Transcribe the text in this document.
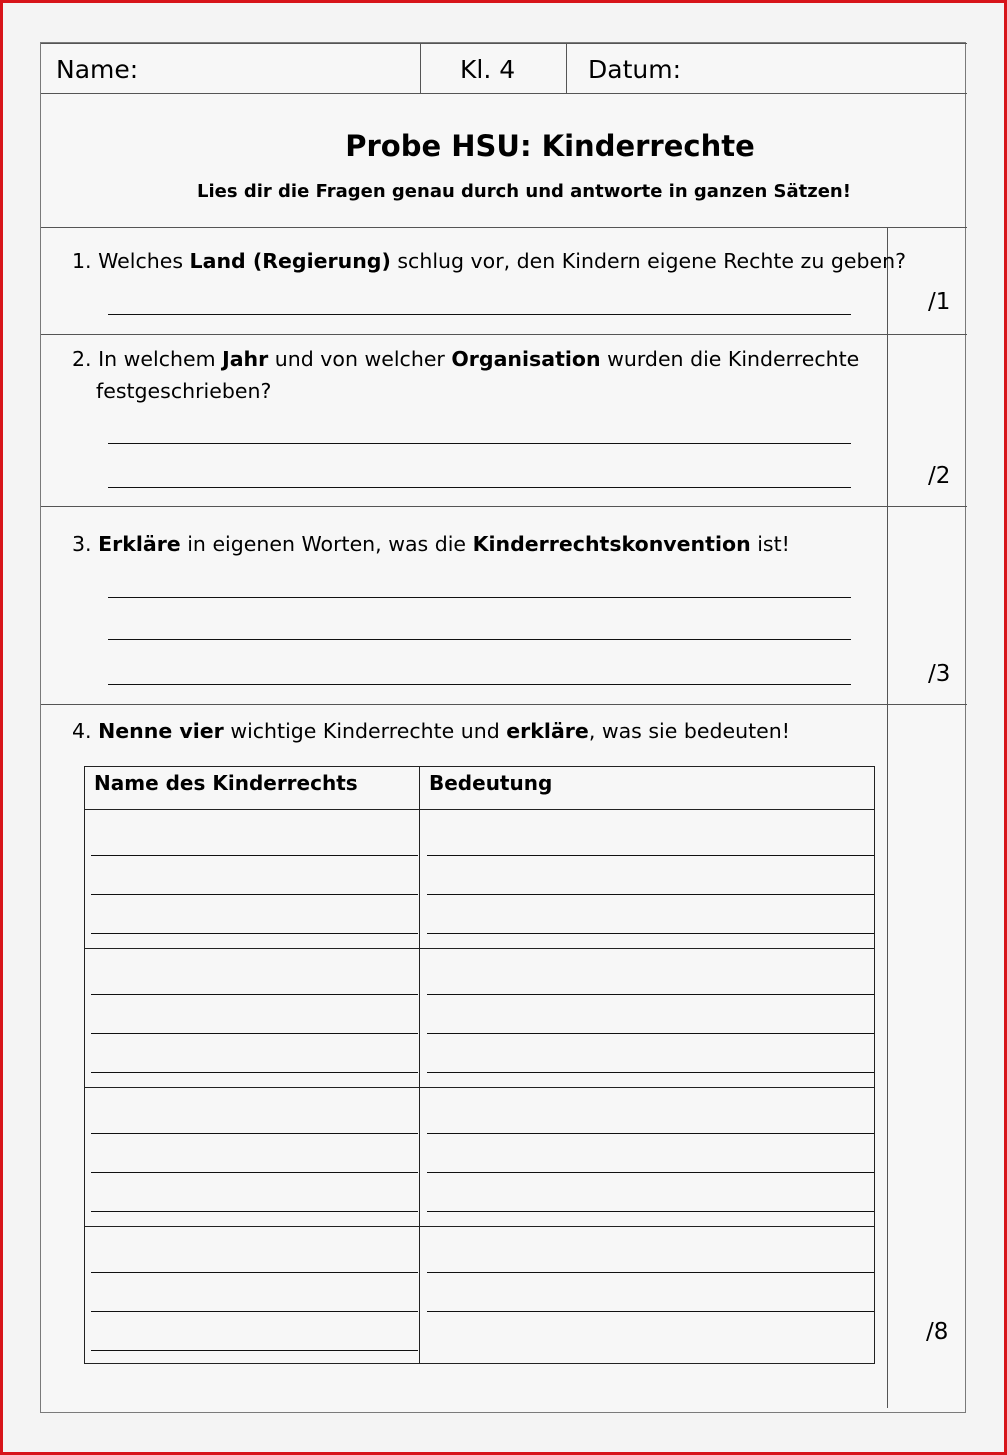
Name:	Kl. 4	Datum:
Probe HSU: Kinderrechte
Lies dir die Fragen genau durch und antworte in ganzen Sätzen!
1. Welches Land (Regierung) schlug vor, den Kindern eigene Rechte zu geben?
/1
2. In welchem Jahr und von welcher Organisation wurden die Kinderrechte
festgeschrieben?
/2
3. Erkläre in eigenen Worten, was die Kinderrechtskonvention ist!
/3
4. Nenne vier wichtige Kinderrechte und erkläre, was sie bedeuten!
/8
Name des Kinderrechts	Bedeutung
